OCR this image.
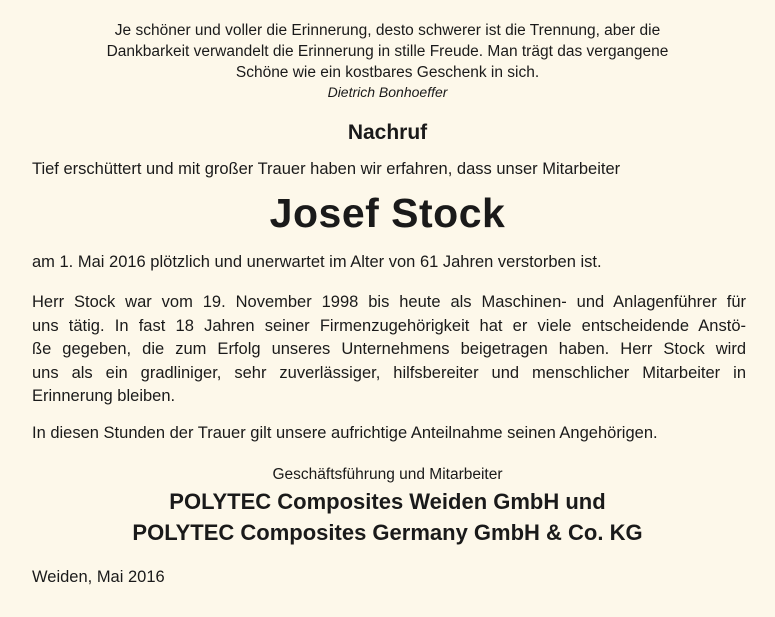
Je schöner und voller die Erinnerung, desto schwerer ist die Trennung, aber die
Dankbarkeit verwandelt die Erinnerung in stille Freude. Man trägt das vergangene
Schöne wie ein kostbares Geschenk in sich.
Dietrich Bonhoeffer
Nachruf
Tief erschüttert und mit großer Trauer haben wir erfahren, dass unser Mitarbeiter
Josef Stock
am 1. Mai 2016 plötzlich und unerwartet im Alter von 61 Jahren verstorben ist.
Herr Stock war vom 19. November 1998 bis heute als Maschinen- und Anlagenführer für
uns tätig. In fast 18 Jahren seiner Firmenzugehörigkeit hat er viele entscheidende Anstö-
ße gegeben, die zum Erfolg unseres Unternehmens beigetragen haben. Herr Stock wird
uns als ein gradliniger, sehr zuverlässiger, hilfsbereiter und menschlicher Mitarbeiter in
Erinnerung bleiben.
In diesen Stunden der Trauer gilt unsere aufrichtige Anteilnahme seinen Angehörigen.
Geschäftsführung und Mitarbeiter
POLYTEC Composites Weiden GmbH und
POLYTEC Composites Germany GmbH & Co. KG
Weiden, Mai 2016
